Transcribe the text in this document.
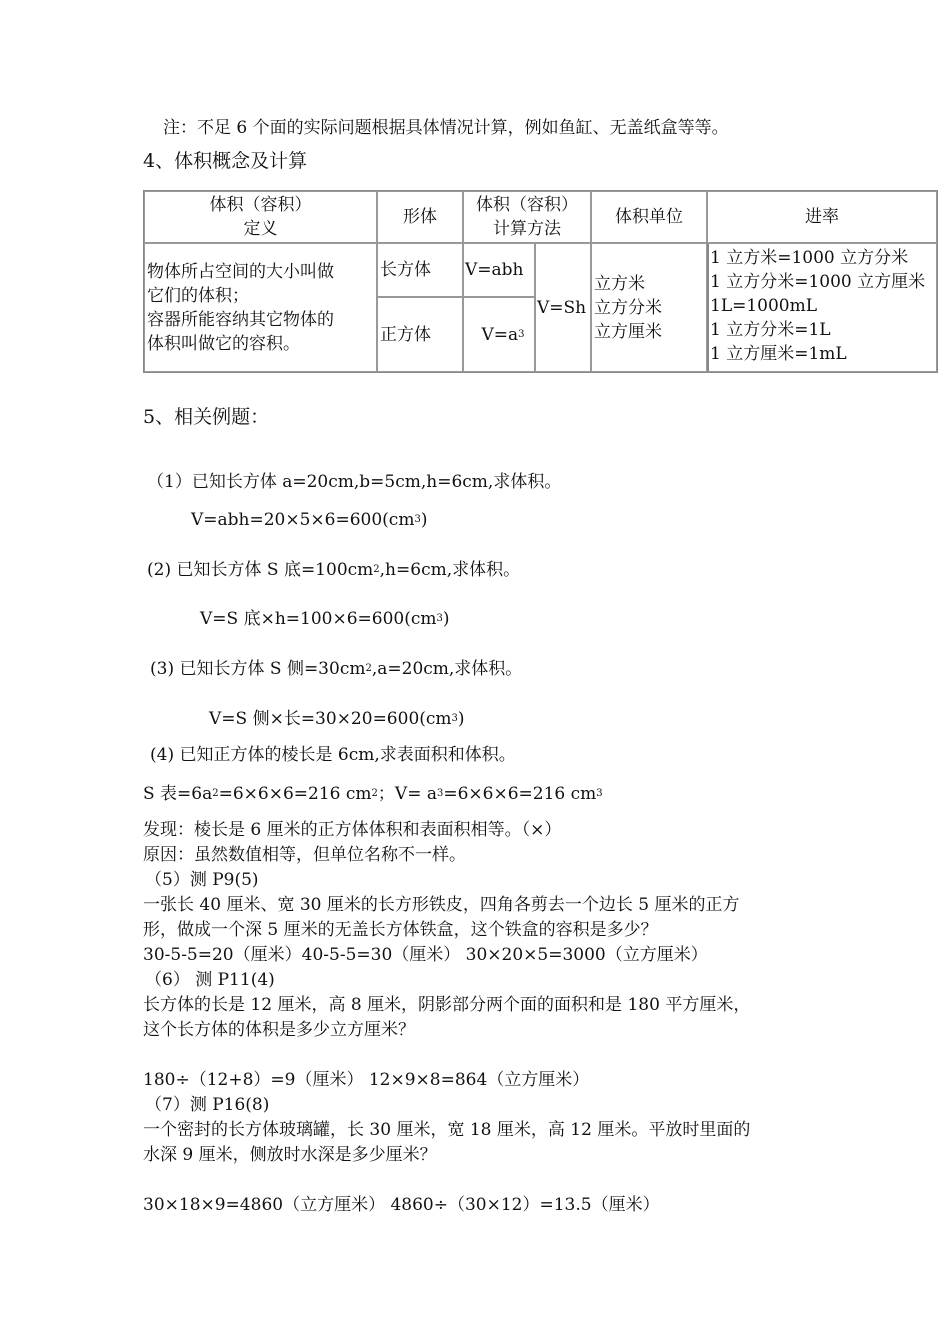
注：不足 6 个面的实际问题根据具体情况计算，例如鱼缸、无盖纸盒等等。
4、体积概念及计算
体积（容积）
定义
形体
体积（容积）
计算方法
体积单位	进率
物体所占空间的大小叫做
它们的体积；
容器所能容纳其它物体的
体积叫做它的容积。
长方体
正方体
V=abh
V=a3
V=Sh
立方米
立方分米
立方厘米
1 立方米=1000 立方分米
1 立方分米=1000 立方厘米
1L=1000mL
1 立方分米=1L
1 立方厘米=1mL
5、相关例题：
（1）已知长方体 a=20cm,b=5cm,h=6cm,求体积。
V=abh=20×5×6=600(cm3)
(2) 已知长方体 S 底=100cm2,h=6cm,求体积。
V=S 底×h=100×6=600(cm3)
(3) 已知长方体 S 侧=30cm2,a=20cm,求体积。
V=S 侧×长=30×20=600(cm3)
(4) 已知正方体的棱长是 6cm,求表面积和体积。
S 表=6a2=6×6×6=216 cm2；V= a3=6×6×6=216 cm3
发现：棱长是 6 厘米的正方体体积和表面积相等。（×）
原因：虽然数值相等，但单位名称不一样。
（5）测 P9(5)
一张长 40 厘米、宽 30 厘米的长方形铁皮，四角各剪去一个边长 5 厘米的正方
形，做成一个深 5 厘米的无盖长方体铁盒，这个铁盒的容积是多少？
30-5-5=20（厘米）40-5-5=30（厘米） 30×20×5=3000（立方厘米）
（6） 测 P11(4)
长方体的长是 12 厘米，高 8 厘米，阴影部分两个面的面积和是 180 平方厘米，
这个长方体的体积是多少立方厘米？
180÷（12+8）=9（厘米） 12×9×8=864（立方厘米）
（7）测 P16(8)
一个密封的长方体玻璃罐，长 30 厘米，宽 18 厘米，高 12 厘米。平放时里面的
水深 9 厘米，侧放时水深是多少厘米？
30×18×9=4860（立方厘米） 4860÷（30×12）=13.5（厘米）
